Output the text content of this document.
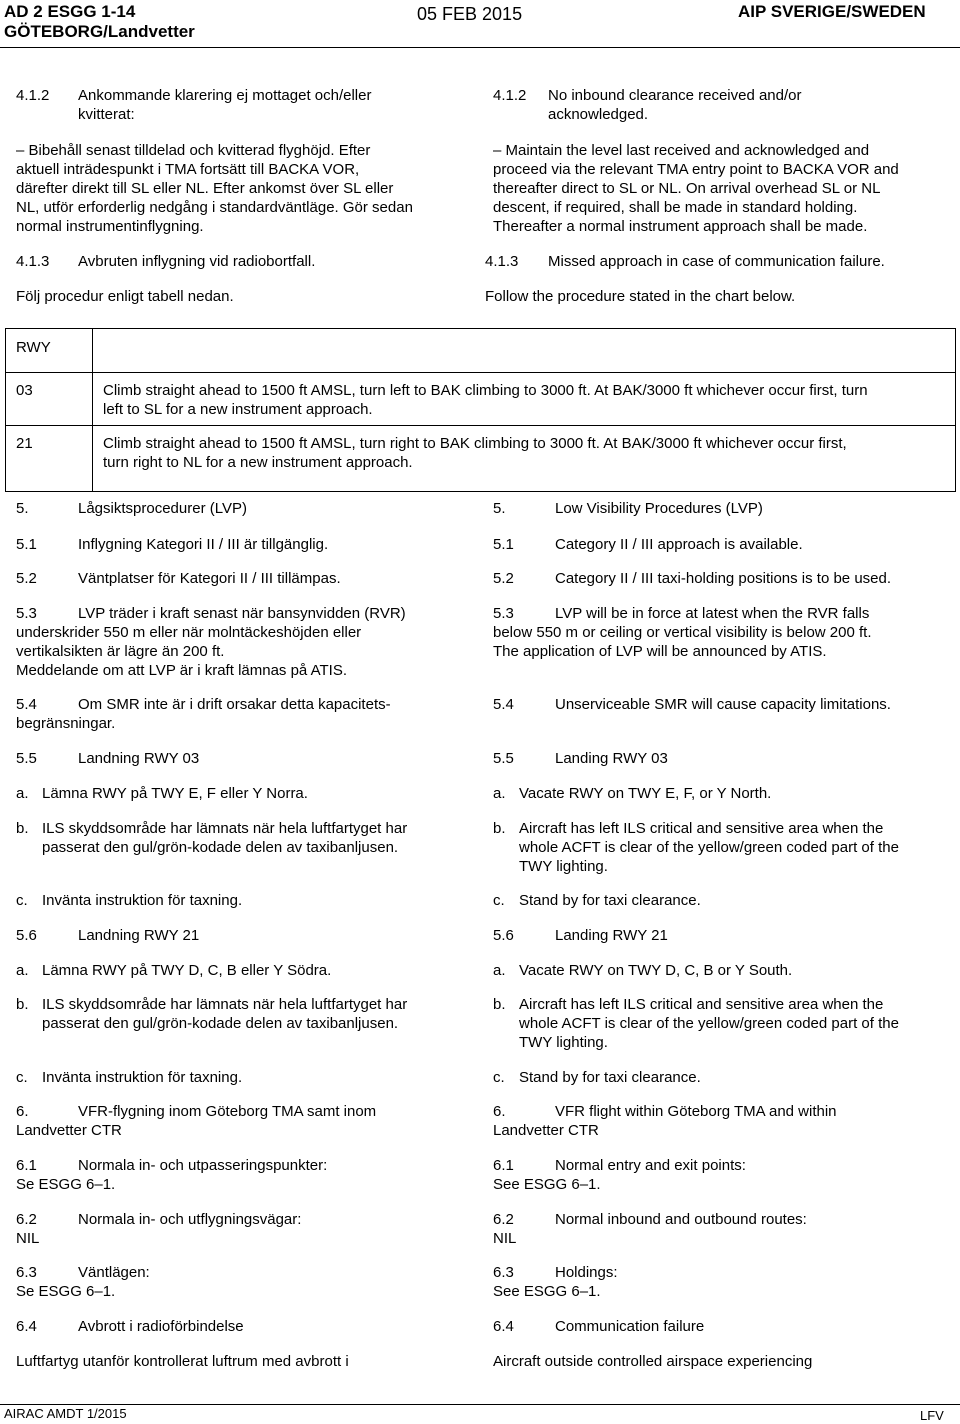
AD 2 ESGG 1-14
GÖTEBORG/Landvetter
05 FEB 2015	AIP SVERIGE/SWEDEN
4.1.2 Ankommande klarering ej mottaget och/eller
kvitterat:
– Bibehåll senast tilldelad och kvitterad flyghöjd. Efter
aktuell inträdespunkt i TMA fortsätt till BACKA VOR,
därefter direkt till SL eller NL. Efter ankomst över SL eller
NL, utför erforderlig nedgång i standardväntläge. Gör sedan
normal instrumentinflygning.
4.1.3 Avbruten inflygning vid radiobortfall.
Följ procedur enligt tabell nedan.
4.1.2 No inbound clearance received and/or
acknowledged.
– Maintain the level last received and acknowledged and
proceed via the relevant TMA entry point to BACKA VOR and
thereafter direct to SL or NL. On arrival overhead SL or NL
descent, if required, shall be made in standard holding.
Thereafter a normal instrument approach shall be made.
4.1.3 Missed approach in case of communication failure.
Follow the procedure stated in the chart below.
RWY	
03	Climb straight ahead to 1500 ft AMSL, turn left to BAK climbing to 3000 ft. At BAK/3000 ft whichever occur first, turn
left to SL for a new instrument approach.

21	Climb straight ahead to 1500 ft AMSL, turn right to BAK climbing to 3000 ft. At BAK/3000 ft whichever occur first,
turn right to NL for a new instrument approach.
5.	Lågsiktsprocedurer (LVP)
5.1	Inflygning Kategori II / III är tillgänglig.
5.2	Väntplatser för Kategori II / III tillämpas.
5.3	LVP träder i kraft senast när bansynvidden (RVR)
underskrider 550 m eller när molntäckeshöjden eller
vertikalsikten är lägre än 200 ft.
Meddelande om att LVP är i kraft lämnas på ATIS.
5.4	Om SMR inte är i drift orsakar detta kapacitets-
begränsningar.
5.5	Landning RWY 03
a. Lämna RWY på TWY E, F eller Y Norra.
b. ILS skyddsområde har lämnats när hela luftfartyget har
passerat den gul/grön-kodade delen av taxibanljusen.
c. Invänta instruktion för taxning.
5.6	Landning RWY 21
a. Lämna RWY på TWY D, C, B eller Y Södra.
b. ILS skyddsområde har lämnats när hela luftfartyget har
passerat den gul/grön-kodade delen av taxibanljusen.
c. Invänta instruktion för taxning.
6.	VFR-flygning inom Göteborg TMA samt inom
Landvetter CTR
6.1	Normala in- och utpasseringspunkter:
Se ESGG 6–1.
6.2	Normala in- och utflygningsvägar:
NIL
6.3	Väntlägen:
Se ESGG 6–1.
6.4	Avbrott i radioförbindelse
Luftfartyg utanför kontrollerat luftrum med avbrott i
5.	Low Visibility Procedures (LVP)
5.1	Category II / III approach is available.
5.2	Category II / III taxi-holding positions is to be used.
5.3	LVP will be in force at latest when the RVR falls
below 550 m or ceiling or vertical visibility is below 200 ft.
The application of LVP will be announced by ATIS.
5.4	Unserviceable SMR will cause capacity limitations.
5.5	Landing RWY 03
a. Vacate RWY on TWY E, F, or Y North.
b. Aircraft has left ILS critical and sensitive area when the
whole ACFT is clear of the yellow/green coded part of the
TWY lighting.
c. Stand by for taxi clearance.
5.6	Landing RWY 21
a. Vacate RWY on TWY D, C, B or Y South.
b. Aircraft has left ILS critical and sensitive area when the
whole ACFT is clear of the yellow/green coded part of the
TWY lighting.
c. Stand by for taxi clearance.
6.	VFR flight within Göteborg TMA and within
Landvetter CTR
6.1	Normal entry and exit points:
See ESGG 6–1.
6.2	Normal inbound and outbound routes:
NIL
6.3	Holdings:
See ESGG 6–1.
6.4	Communication failure
Aircraft outside controlled airspace experiencing
AIRAC AMDT 1/2015	LFV
